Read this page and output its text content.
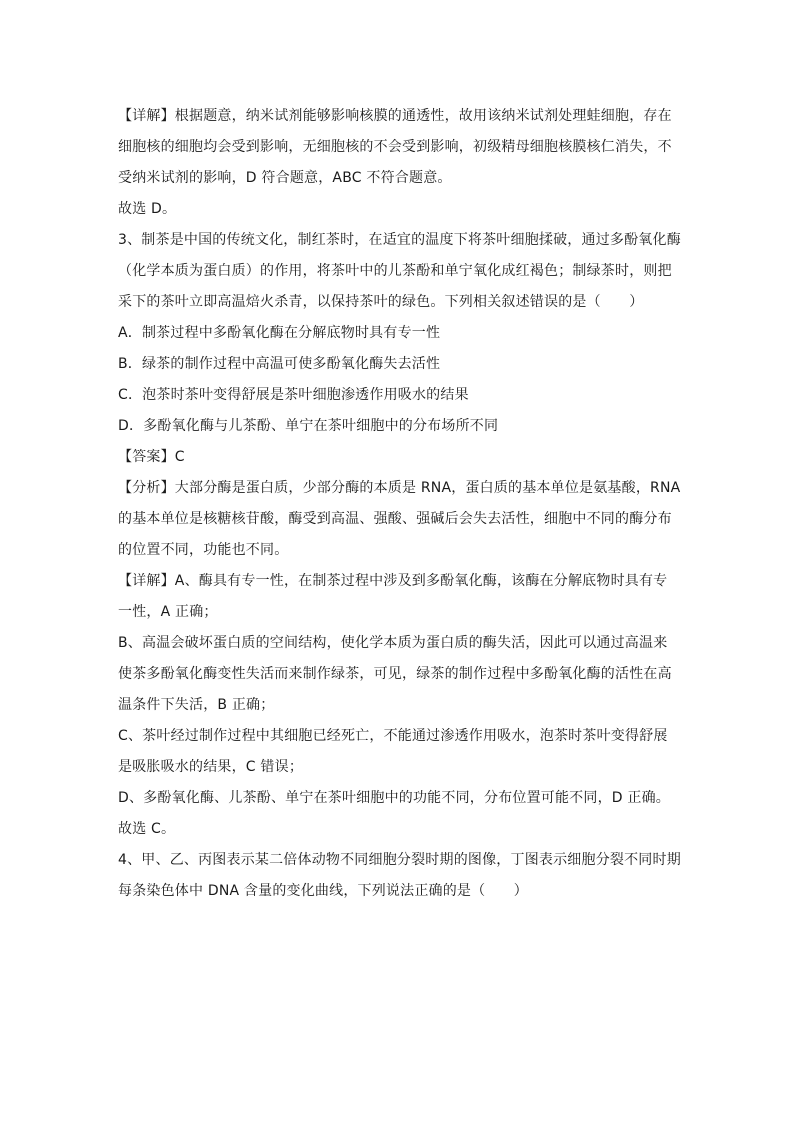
【详解】根据题意，纳米试剂能够影响核膜的通透性，故用该纳米试剂处理蛙细胞，存在
细胞核的细胞均会受到影响，无细胞核的不会受到影响，初级精母细胞核膜核仁消失，不
受纳米试剂的影响，D 符合题意，ABC 不符合题意。
故选 D。
3、制茶是中国的传统文化，制红茶时，在适宜的温度下将茶叶细胞揉破，通过多酚氧化酶
（化学本质为蛋白质）的作用，将茶叶中的儿茶酚和单宁氧化成红褐色；制绿茶时，则把
采下的茶叶立即高温焙火杀青，以保持茶叶的绿色。下列相关叙述错误的是（　　）
A．制茶过程中多酚氧化酶在分解底物时具有专一性
B．绿茶的制作过程中高温可使多酚氧化酶失去活性
C．泡茶时茶叶变得舒展是茶叶细胞渗透作用吸水的结果
D．多酚氧化酶与儿茶酚、单宁在茶叶细胞中的分布场所不同
【答案】C
【分析】大部分酶是蛋白质，少部分酶的本质是 RNA，蛋白质的基本单位是氨基酸，RNA
的基本单位是核糖核苷酸，酶受到高温、强酸、强碱后会失去活性，细胞中不同的酶分布
的位置不同，功能也不同。
【详解】A、酶具有专一性，在制茶过程中涉及到多酚氧化酶，该酶在分解底物时具有专
一性，A 正确；
B、高温会破坏蛋白质的空间结构，使化学本质为蛋白质的酶失活，因此可以通过高温来
使茶多酚氧化酶变性失活而来制作绿茶，可见，绿茶的制作过程中多酚氧化酶的活性在高
温条件下失活，B 正确；
C、茶叶经过制作过程中其细胞已经死亡，不能通过渗透作用吸水，泡茶时茶叶变得舒展
是吸胀吸水的结果，C 错误；
D、多酚氧化酶、儿茶酚、单宁在茶叶细胞中的功能不同，分布位置可能不同，D 正确。
故选 C。
4、甲、乙、丙图表示某二倍体动物不同细胞分裂时期的图像，丁图表示细胞分裂不同时期
每条染色体中 DNA 含量的变化曲线，下列说法正确的是（　　）
